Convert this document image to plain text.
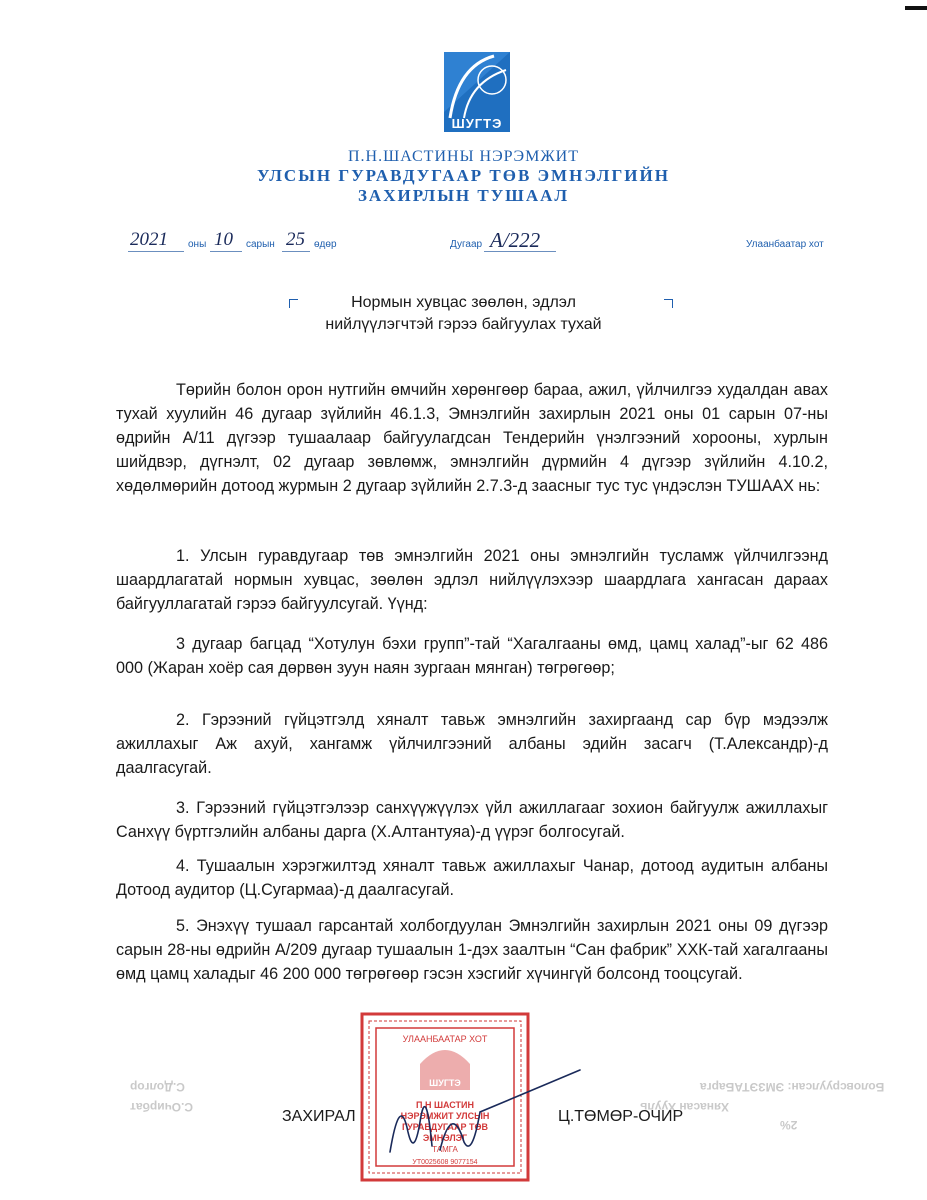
ШУГТЭ
П.Н.ШАСТИНЫ НЭРЭМЖИТ
УЛСЫН ГУРАВДУГААР ТӨВ ЭМНЭЛГИЙН
ЗАХИРЛЫН ТУШААЛ
2021 оны 10 сарын 25 өдөр	Дугаар A/222	Улаанбаатар хот
Нормын хувцас зөөлөн, эдлэл
нийлүүлэгчтэй гэрээ байгуулах тухай
Төрийн болон орон нутгийн өмчийн хөрөнгөөр бараа, ажил, үйлчилгээ худалдан авах тухай хуулийн 46 дугаар зүйлийн 46.1.3, Эмнэлгийн захирлын 2021 оны 01 сарын 07-ны өдрийн А/11 дүгээр тушаалаар байгуулагдсан Тендерийн үнэлгээний хорооны, хурлын шийдвэр, дүгнэлт, 02 дугаар зөвлөмж, эмнэлгийн дүрмийн 4 дүгээр зүйлийн 4.10.2, хөдөлмөрийн дотоод журмын 2 дугаар зүйлийн 2.7.3-д заасныг тус тус үндэслэн ТУШААХ нь:
1. Улсын гуравдугаар төв эмнэлгийн 2021 оны эмнэлгийн тусламж үйлчилгээнд шаардлагатай нормын хувцас, зөөлөн эдлэл нийлүүлэхээр шаардлага хангасан дараах байгууллагатай гэрээ байгуулсугай. Үүнд:
3 дугаар багцад “Хотулун бэхи групп”-тай “Хагалгааны өмд, цамц халад”-ыг 62 486 000 (Жаран хоёр сая дөрвөн зуун наян зургаан мянган) төгрөгөөр;
2. Гэрээний гүйцэтгэлд хяналт тавьж эмнэлгийн захиргаанд сар бүр мэдээлж ажиллахыг Аж ахуй, хангамж үйлчилгээний албаны эдийн засагч (Т.Александр)-д даалгасугай.
3. Гэрээний гүйцэтгэлээр санхүүжүүлэх үйл ажиллагааг зохион байгуулж ажиллахыг Санхүү бүртгэлийн албаны дарга (Х.Алтантуяа)-д үүрэг болгосугай.
4. Тушаалын хэрэгжилтэд хяналт тавьж ажиллахыг Чанар, дотоод аудитын албаны Дотоод аудитор (Ц.Сугармаа)-д даалгасугай.
5. Энэхүү тушаал гарсантай холбогдуулан Эмнэлгийн захирлын 2021 оны 09 дүгээр сарын 28-ны өдрийн А/209 дугаар тушаалын 1-дэх заалтын “Сан фабрик” ХХК-тай хагалгааны өмд цамц халадыг 46 200 000 төгрөгөөр гэсэн хэсгийг хүчингүй болсонд тооцсугай.
Боловсруулсан: ЭМЗЭТАБарга
Хянасан Хууль
2%
С.Долгор
С.Очирбат
УЛААНБААТАР ХОТ
ШУГТЭ
П.Н ШАСТИН
НЭРЭМЖИТ УЛСЫН
ГУРАВДУГААР ТӨВ
ЭМНЭЛЭГ
ТАМГА
УТ0025608 9077154
ЗАХИРАЛ	Ц.ТӨМӨР-ОЧИР
